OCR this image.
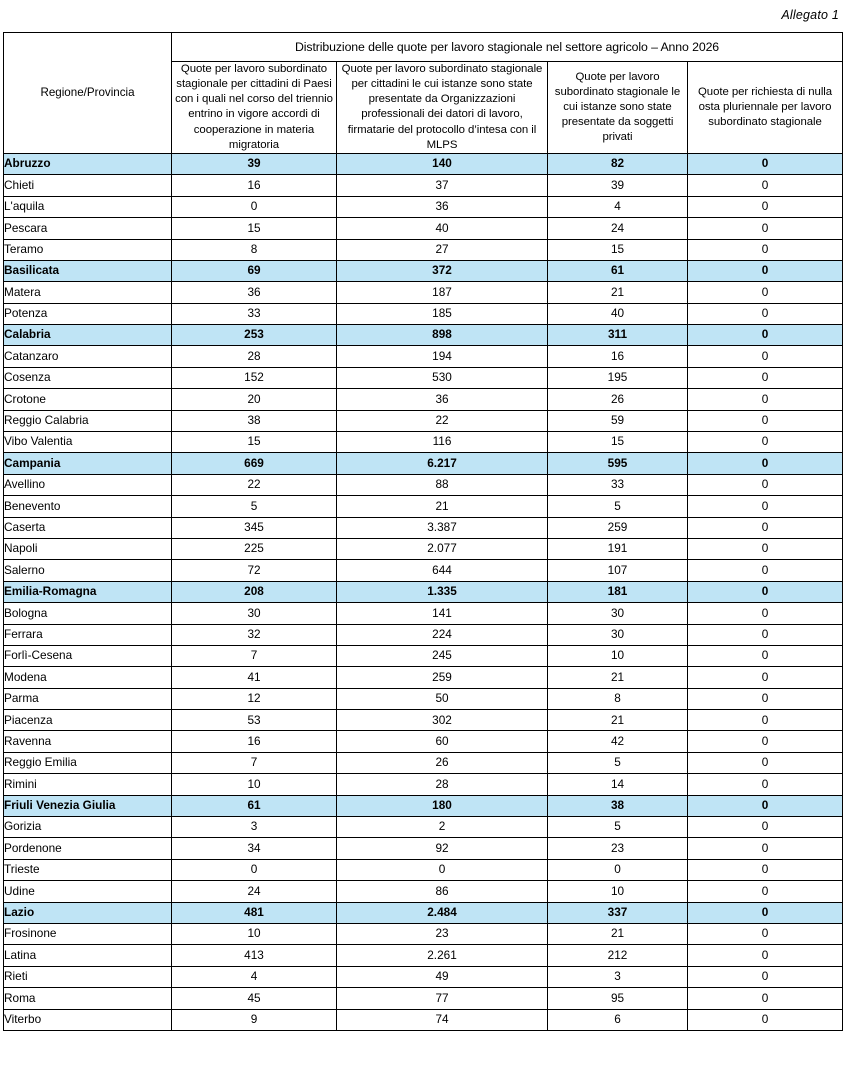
Allegato 1
Regione/Provincia	Distribuzione delle quote per lavoro stagionale nel settore agricolo – Anno 2026			
	Quote per lavoro subordinato stagionale per cittadini di Paesi con i quali nel corso del triennio entrino in vigore accordi di cooperazione in materia migratoria	Quote per lavoro subordinato stagionale per cittadini le cui istanze sono state presentate da Organizzazioni professionali dei datori di lavoro, firmatarie del protocollo d’intesa con il MLPS	Quote per lavoro subordinato stagionale le cui istanze sono state presentate da soggetti privati	Quote per richiesta di nulla osta pluriennale per lavoro subordinato stagionale
Abruzzo	39	140	82	0
Chieti	16	37	39	0
L'aquila	0	36	4	0
Pescara	15	40	24	0
Teramo	8	27	15	0
Basilicata	69	372	61	0
Matera	36	187	21	0
Potenza	33	185	40	0
Calabria	253	898	311	0
Catanzaro	28	194	16	0
Cosenza	152	530	195	0
Crotone	20	36	26	0
Reggio Calabria	38	22	59	0
Vibo Valentia	15	116	15	0
Campania	669	6.217	595	0
Avellino	22	88	33	0
Benevento	5	21	5	0
Caserta	345	3.387	259	0
Napoli	225	2.077	191	0
Salerno	72	644	107	0
Emilia-Romagna	208	1.335	181	0
Bologna	30	141	30	0
Ferrara	32	224	30	0
Forlì-Cesena	7	245	10	0
Modena	41	259	21	0
Parma	12	50	8	0
Piacenza	53	302	21	0
Ravenna	16	60	42	0
Reggio Emilia	7	26	5	0
Rimini	10	28	14	0
Friuli Venezia Giulia	61	180	38	0
Gorizia	3	2	5	0
Pordenone	34	92	23	0
Trieste	0	0	0	0
Udine	24	86	10	0
Lazio	481	2.484	337	0
Frosinone	10	23	21	0
Latina	413	2.261	212	0
Rieti	4	49	3	0
Roma	45	77	95	0
Viterbo	9	74	6	0
